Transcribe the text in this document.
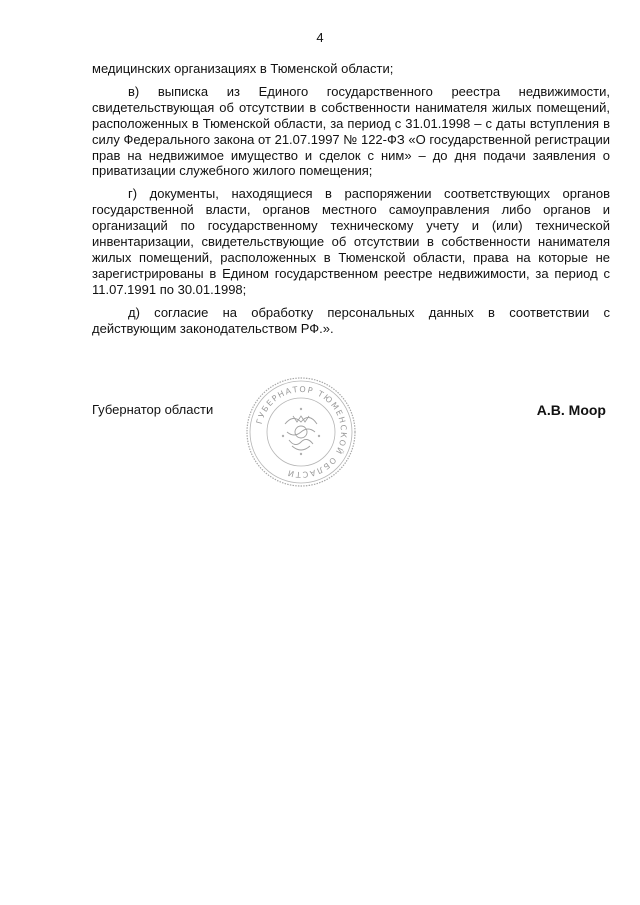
4

медицинских организациях в Тюменской области;

в) выписка из Единого государственного реестра недвижимости, свидетельствующая об отсутствии в собственности нанимателя жилых помещений, расположенных в Тюменской области, за период с 31.01.1998 – с даты вступления в силу Федерального закона от 21.07.1997 № 122-ФЗ «О государственной регистрации прав на недвижимое имущество и сделок с ним» – до дня подачи заявления о приватизации служебного жилого помещения;

г) документы, находящиеся в распоряжении соответствующих органов государственной власти, органов местного самоуправления либо органов и организаций по государственному техническому учету и (или) технической инвентаризации, свидетельствующие об отсутствии в собственности нанимателя жилых помещений, расположенных в Тюменской области, права на которые не зарегистрированы в Едином государственном реестре недвижимости, за период с 11.07.1991 по 30.01.1998;

д) согласие на обработку персональных данных в соответствии с действующим законодательством РФ.».

Губернатор области
ГУБЕРНАТОР ТЮМЕНСКОЙ ОБЛАСТИ
А.В. Моор
